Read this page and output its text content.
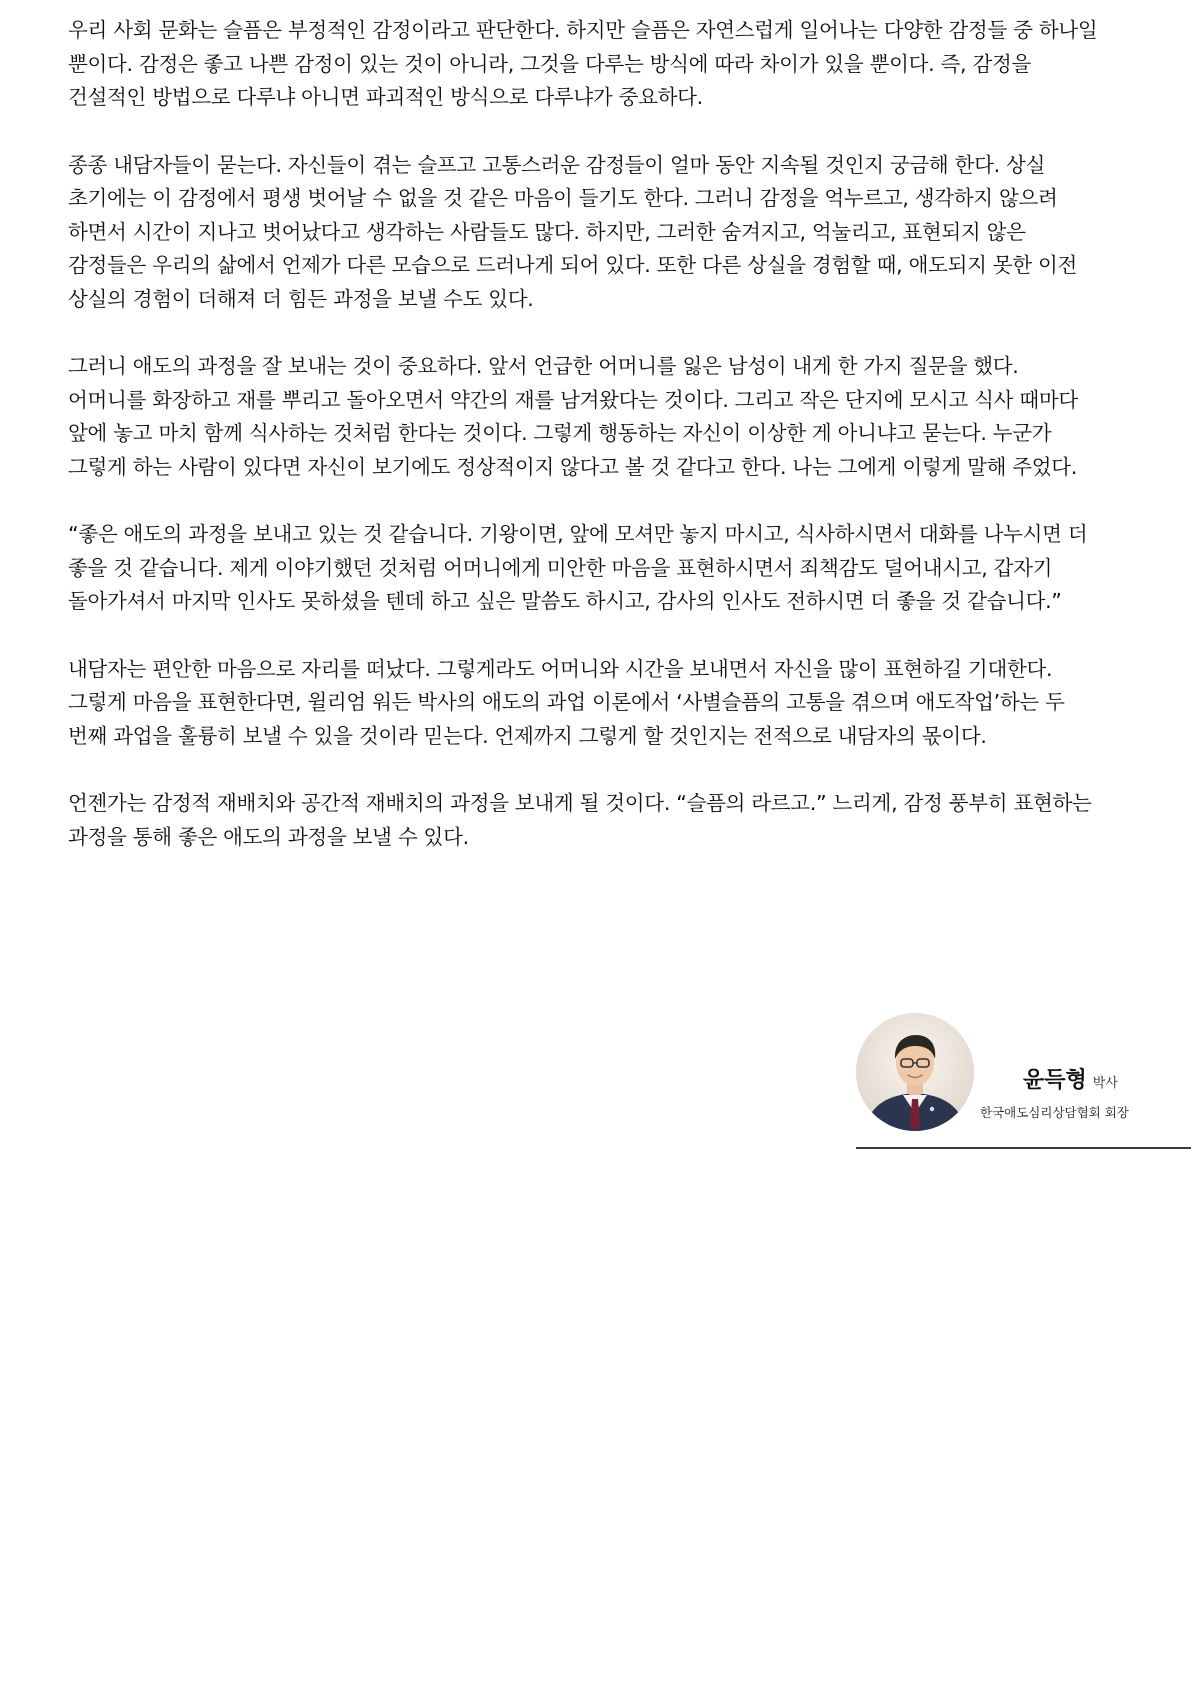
우리 사회 문화는 슬픔은 부정적인 감정이라고 판단한다. 하지만 슬픔은 자연스럽게 일어나는 다양한 감정들 중 하나일 뿐이다. 감정은 좋고 나쁜 감정이 있는 것이 아니라, 그것을 다루는 방식에 따라 차이가 있을 뿐이다. 즉, 감정을 건설적인 방법으로 다루냐 아니면 파괴적인 방식으로 다루냐가 중요하다.

종종 내담자들이 묻는다. 자신들이 겪는 슬프고 고통스러운 감정들이 얼마 동안 지속될 것인지 궁금해 한다. 상실 초기에는 이 감정에서 평생 벗어날 수 없을 것 같은 마음이 들기도 한다. 그러니 감정을 억누르고, 생각하지 않으려 하면서 시간이 지나고 벗어났다고 생각하는 사람들도 많다. 하지만, 그러한 숨겨지고, 억눌리고, 표현되지 않은 감정들은 우리의 삶에서 언제가 다른 모습으로 드러나게 되어 있다. 또한 다른 상실을 경험할 때, 애도되지 못한 이전 상실의 경험이 더해져 더 힘든 과정을 보낼 수도 있다.

그러니 애도의 과정을 잘 보내는 것이 중요하다. 앞서 언급한 어머니를 잃은 남성이 내게 한 가지 질문을 했다. 어머니를 화장하고 재를 뿌리고 돌아오면서 약간의 재를 남겨왔다는 것이다. 그리고 작은 단지에 모시고 식사 때마다 앞에 놓고 마치 함께 식사하는 것처럼 한다는 것이다. 그렇게 행동하는 자신이 이상한 게 아니냐고 묻는다. 누군가 그렇게 하는 사람이 있다면 자신이 보기에도 정상적이지 않다고 볼 것 같다고 한다. 나는 그에게 이렇게 말해 주었다.

“좋은 애도의 과정을 보내고 있는 것 같습니다. 기왕이면, 앞에 모셔만 놓지 마시고, 식사하시면서 대화를 나누시면 더 좋을 것 같습니다. 제게 이야기했던 것처럼 어머니에게 미안한 마음을 표현하시면서 죄책감도 덜어내시고, 갑자기 돌아가셔서 마지막 인사도 못하셨을 텐데 하고 싶은 말씀도 하시고, 감사의 인사도 전하시면 더 좋을 것 같습니다.”

내담자는 편안한 마음으로 자리를 떠났다. 그렇게라도 어머니와 시간을 보내면서 자신을 많이 표현하길 기대한다. 그렇게 마음을 표현한다면, 윌리엄 워든 박사의 애도의 과업 이론에서 ‘사별슬픔의 고통을 겪으며 애도작업’하는 두 번째 과업을 훌륭히 보낼 수 있을 것이라 믿는다. 언제까지 그렇게 할 것인지는 전적으로 내담자의 몫이다.

언젠가는 감정적 재배치와 공간적 재배치의 과정을 보내게 될 것이다. “슬픔의 라르고.” 느리게, 감정 풍부히 표현하는 과정을 통해 좋은 애도의 과정을 보낼 수 있다.

윤득형 박사
한국애도심리상담협회 회장
